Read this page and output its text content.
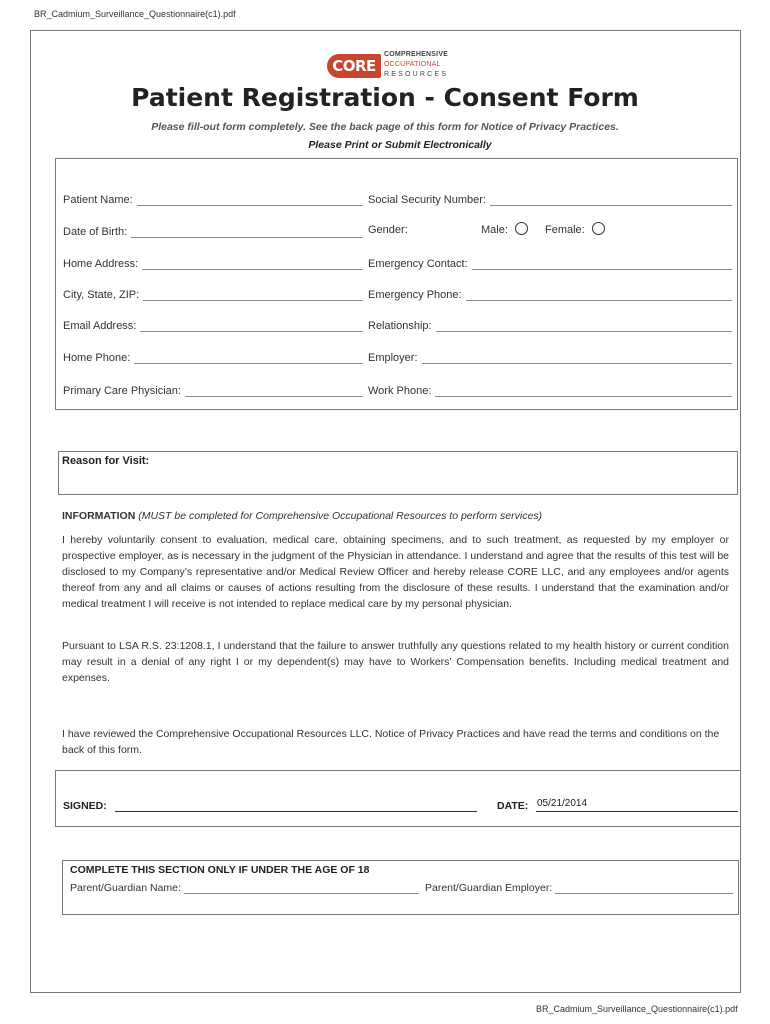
BR_Cadmium_Surveillance_Questionnaire(c1).pdf
CORE
COMPREHENSIVE
OCCUPATIONAL
RESOURCES
Patient Registration - Consent Form
Please fill-out form completely. See the back page of this form for Notice of Privacy Practices.
Please Print or Submit Electronically
Patient Name:	Social Security Number:
Date of Birth:	Gender:	Male:	Female:
Home Address:	Emergency Contact:
City, State, ZIP:	Emergency Phone:
Email Address:	Relationship:
Home Phone:	Employer:
Primary Care Physician:	Work Phone:
Reason for Visit:
INFORMATION (MUST be completed for Comprehensive Occupational Resources to perform services)
I hereby voluntarily consent to evaluation, medical care, obtaining specimens, and to such treatment, as requested by my employer or prospective employer, as is necessary in the judgment of the Physician in attendance. I understand and agree that the results of this test will be disclosed to my Company’s representative and/or Medical Review Officer and hereby release CORE LLC, and any employees and/or agents thereof from any and all claims or causes of actions resulting from the disclosure of these results. I understand that the examination and/or medical treatment I will receive is not intended to replace medical care by my personal physician.
Pursuant to LSA R.S. 23:1208.1, I understand that the failure to answer truthfully any questions related to my health history or current condition may result in a denial of any right I or my dependent(s) may have to Workers’ Compensation benefits. Including medical treatment and expenses.
I have reviewed the Comprehensive Occupational Resources LLC. Notice of Privacy Practices and have read the terms and conditions on the back of this form.
SIGNED:	DATE: 05/21/2014
COMPLETE THIS SECTION ONLY IF UNDER THE AGE OF 18
Parent/Guardian Name:	Parent/Guardian Employer:
BR_Cadmium_Surveillance_Questionnaire(c1).pdf
